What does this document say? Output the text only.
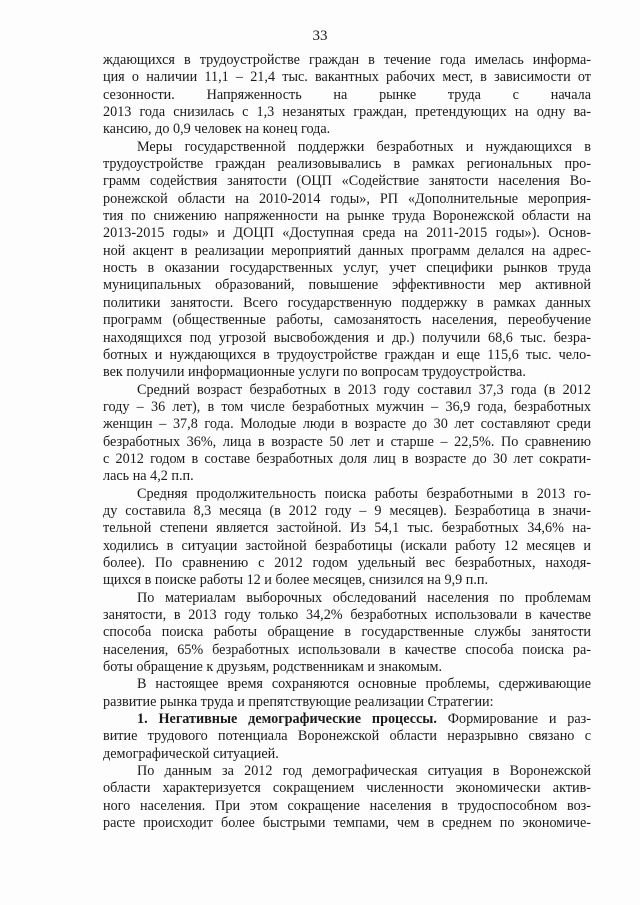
33
ждающихся в трудоустройстве граждан в течение года имелась информа-
ция о наличии 11,1 – 21,4 тыс. вакантных рабочих мест, в зависимости от
сезонности.    Напряженность    на    рынке    труда    с    начала
2013 года снизилась с 1,3 незанятых граждан, претендующих на одну ва-
кансию, до 0,9 человек на конец года.
Меры государственной поддержки безработных и нуждающихся в
трудоустройстве граждан реализовывались в рамках региональных про-
грамм содействия занятости (ОЦП «Содействие занятости населения Во-
ронежской области на 2010-2014 годы», РП «Дополнительные мероприя-
тия по снижению напряженности на рынке труда Воронежской области на
2013-2015 годы» и ДОЦП «Доступная среда на 2011-2015 годы»). Основ-
ной акцент в реализации мероприятий данных программ делался на адрес-
ность в оказании государственных услуг, учет специфики рынков труда
муниципальных образований, повышение эффективности мер активной
политики занятости. Всего государственную поддержку в рамках данных
программ (общественные работы, самозанятость населения, переобучение
находящихся под угрозой высвобождения и др.) получили 68,6 тыс. безра-
ботных и нуждающихся в трудоустройстве граждан и еще 115,6 тыс. чело-
век получили информационные услуги по вопросам трудоустройства.
Средний возраст безработных в 2013 году составил 37,3 года (в 2012
году – 36 лет), в том числе безработных мужчин – 36,9 года, безработных
женщин – 37,8 года. Молодые люди в возрасте до 30 лет составляют среди
безработных 36%, лица в возрасте 50 лет и старше – 22,5%. По сравнению
с 2012 годом в составе безработных доля лиц в возрасте до 30 лет сократи-
лась на 4,2 п.п.
Средняя продолжительность поиска работы безработными в 2013 го-
ду составила 8,3 месяца (в 2012 году – 9 месяцев). Безработица в значи-
тельной степени является застойной. Из 54,1 тыс. безработных 34,6% на-
ходились в ситуации застойной безработицы (искали работу 12 месяцев и
более). По сравнению с 2012 годом удельный вес безработных, находя-
щихся в поиске работы 12 и более месяцев, снизился на 9,9 п.п.
По материалам выборочных обследований населения по проблемам
занятости, в 2013 году только 34,2% безработных использовали в качестве
способа поиска работы обращение в государственные службы занятости
населения, 65% безработных использовали в качестве способа поиска ра-
боты обращение к друзьям, родственникам и знакомым.
В настоящее время сохраняются основные проблемы, сдерживающие
развитие рынка труда и препятствующие реализации Стратегии:
1. Негативные демографические процессы. Формирование и раз-
витие трудового потенциала Воронежской области неразрывно связано с
демографической ситуацией.
По данным за 2012 год демографическая ситуация в Воронежской
области характеризуется сокращением численности экономически актив-
ного населения. При этом сокращение населения в трудоспособном воз-
расте происходит более быстрыми темпами, чем в среднем по экономиче-
